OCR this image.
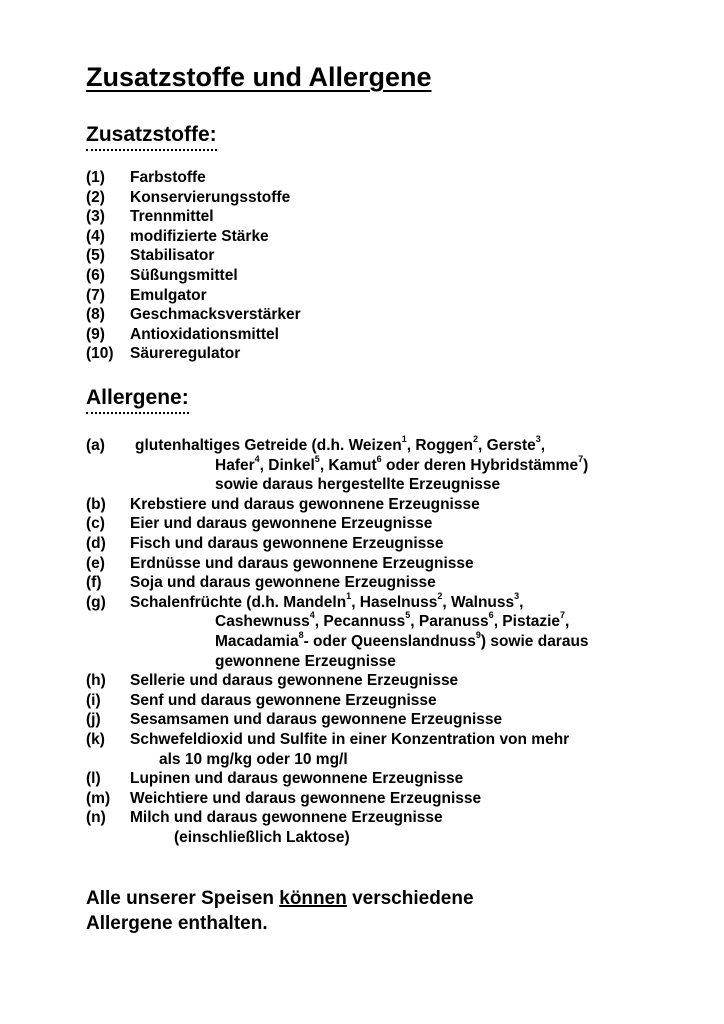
Zusatzstoffe und Allergene
Zusatzstoffe:
(1) Farbstoffe
(2) Konservierungsstoffe
(3) Trennmittel
(4) modifizierte Stärke
(5) Stabilisator
(6) Süßungsmittel
(7) Emulgator
(8) Geschmacksverstärker
(9) Antioxidationsmittel
(10) Säureregulator
Allergene:
(a) glutenhaltiges Getreide (d.h. Weizen$^1$, Roggen$^2$, Gerste$^3$,
Hafer$^4$, Dinkel$^5$, Kamut$^6$ oder deren Hybridstämme$^7$)
sowie daraus hergestellte Erzeugnisse
(b) Krebstiere und daraus gewonnene Erzeugnisse
(c) Eier und daraus gewonnene Erzeugnisse
(d) Fisch und daraus gewonnene Erzeugnisse
(e) Erdnüsse und daraus gewonnene Erzeugnisse
(f) Soja und daraus gewonnene Erzeugnisse
(g) Schalenfrüchte (d.h. Mandeln$^1$, Haselnuss$^2$, Walnuss$^3$,
Cashewnuss$^4$, Pecannuss$^5$, Paranuss$^6$, Pistazie$^7$,
Macadamia$^8$- oder Queenslandnuss$^9$) sowie daraus
gewonnene Erzeugnisse
(h) Sellerie und daraus gewonnene Erzeugnisse
(i) Senf und daraus gewonnene Erzeugnisse
(j) Sesamsamen und daraus gewonnene Erzeugnisse
(k) Schwefeldioxid und Sulfite in einer Konzentration von mehr
als 10 mg/kg oder 10 mg/l
(l) Lupinen und daraus gewonnene Erzeugnisse
(m) Weichtiere und daraus gewonnene Erzeugnisse
(n) Milch und daraus gewonnene Erzeugnisse
(einschließlich Laktose)

Alle unserer Speisen können verschiedene
Allergene enthalten.
